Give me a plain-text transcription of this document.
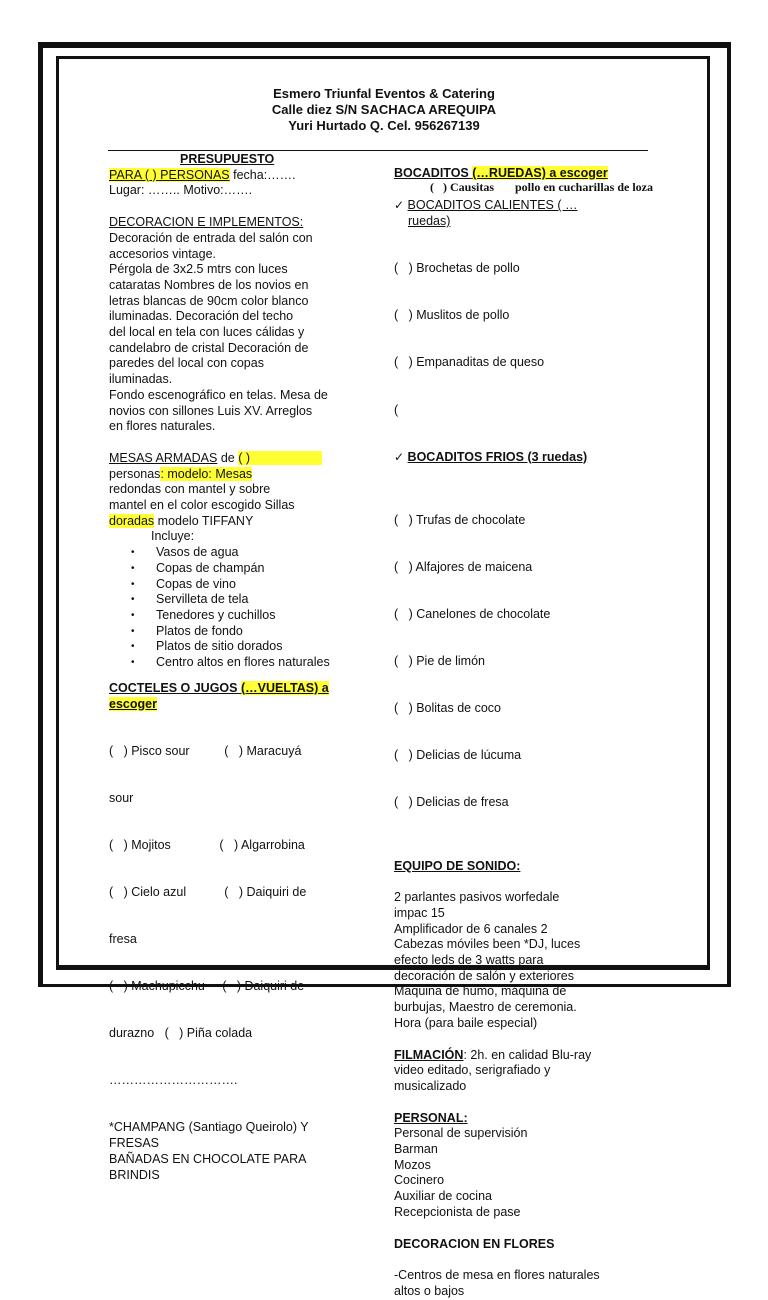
Esmero Triunfal Eventos & Catering
Calle diez S/N SACHACA AREQUIPA
Yuri Hurtado Q. Cel. 956267139

PRESUPUESTO

PARA ( ) PERSONAS fecha:…….

Lugar: …….. Motivo:…….

DECORACION E IMPLEMENTOS:

Decoración de entrada del salón con

accesorios vintage.

Pérgola de 3x2.5 mtrs con luces

cataratas Nombres de los novios en

letras blancas de 90cm color blanco

iluminadas. Decoración del techo

del local en tela con luces cálidas y

candelabro de cristal Decoración de

paredes del local con copas

iluminadas.

Fondo escenográfico en telas. Mesa de

novios con sillones Luis XV. Arreglos

en flores naturales.

MESAS ARMADAS de ( )

personas: modelo: Mesas

redondas con mantel y sobre

mantel en el color escogido Sillas

doradas modelo TIFFANY

Incluye:

• Vasos de agua
• Copas de champán
• Copas de vino
• Servilleta de tela
• Tenedores y cuchillos
• Platos de fondo
• Platos de sitio dorados
• Centro altos en flores naturales

COCTELES O JUGOS (…VUELTAS) a

escoger

(   ) Pisco sour          (   ) Maracuyá

sour

(   ) Mojitos              (   ) Algarrobina

(   ) Cielo azul           (   ) Daiquiri de

fresa

(   ) Machupicchu     (   ) Daiquiri de

durazno   (   ) Piña colada

………………………….

*CHAMPANG (Santiago Queirolo) Y

FRESAS

BAÑADAS EN CHOCOLATE PARA

BRINDIS

BOCADITOS (…RUEDAS) a escoger

(   ) Causitas       pollo en cucharillas de loza

✓ BOCADITOS CALIENTES ( …

ruedas)

(   ) Brochetas de pollo

(   ) Muslitos de pollo

(   ) Empanaditas de queso

(

✓ BOCADITOS FRIOS (3 ruedas)

(   ) Trufas de chocolate

(   ) Alfajores de maicena

(   ) Canelones de chocolate

(   ) Pie de limón

(   ) Bolitas de coco

(   ) Delicias de lúcuma

(   ) Delicias de fresa

EQUIPO DE SONIDO:

2 parlantes pasivos worfedale

impac 15

Amplificador de 6 canales 2

Cabezas móviles been *DJ, luces

efecto leds de 3 watts para

decoración de salón y exteriores

Maquina de humo, máquina de

burbujas, Maestro de ceremonia.

Hora (para baile especial)

FILMACIÓN: 2h. en calidad Blu-ray

video editado, serigrafiado y

musicalizado

PERSONAL:

Personal de supervisión

Barman

Mozos

Cocinero

Auxiliar de cocina

Recepcionista de pase

DECORACION EN FLORES

-Centros de mesa en flores naturales

altos o bajos
